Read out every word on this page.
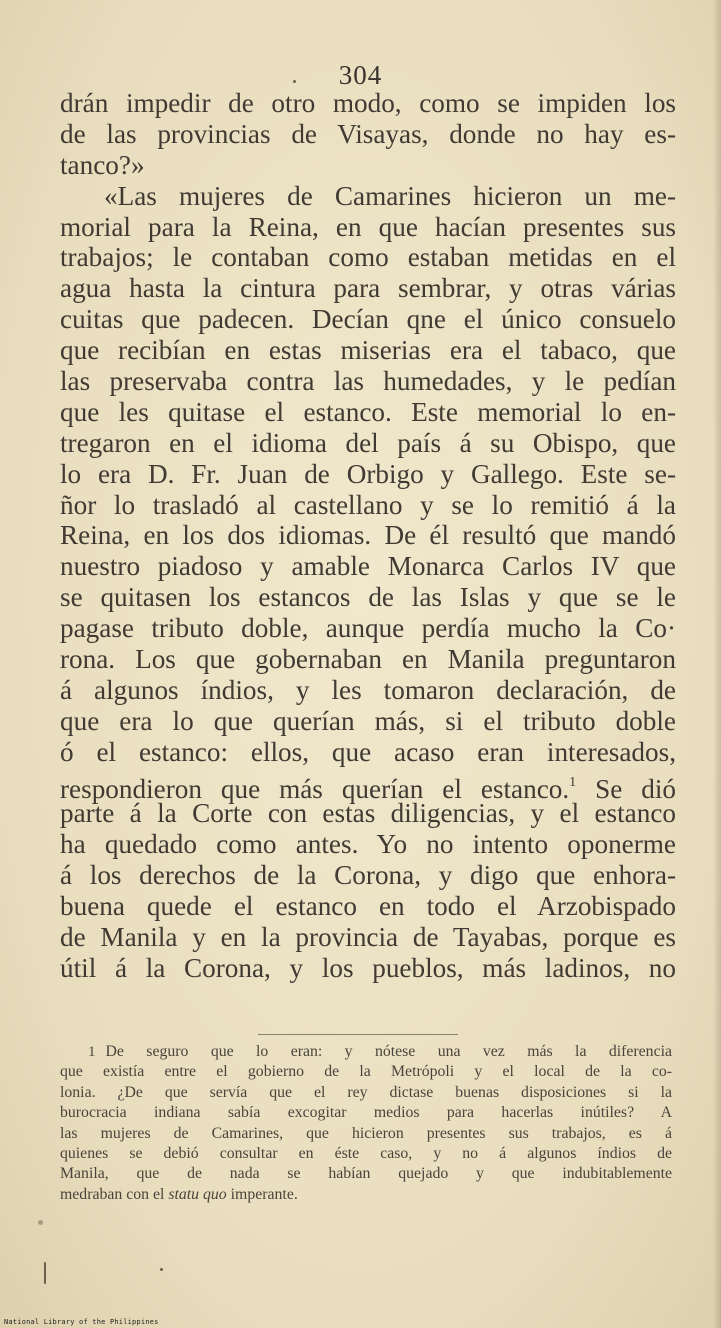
304
drán impedir de otro modo, como se impiden los
de las provincias de Visayas, donde no hay es-
tanco?»
«Las mujeres de Camarines hicieron un me-
morial para la Reina, en que hacían presentes sus
trabajos; le contaban como estaban metidas en el
agua hasta la cintura para sembrar, y otras várias
cuitas que padecen. Decían qne el único consuelo
que recibían en estas miserias era el tabaco, que
las preservaba contra las humedades, y le pedían
que les quitase el estanco. Este memorial lo en-
tregaron en el idioma del país á su Obispo, que
lo era D. Fr. Juan de Orbigo y Gallego. Este se-
ñor lo trasladó al castellano y se lo remitió á la
Reina, en los dos idiomas. De él resultó que mandó
nuestro piadoso y amable Monarca Carlos IV que
se quitasen los estancos de las Islas y que se le
pagase tributo doble, aunque perdía mucho la Co·
rona. Los que gobernaban en Manila preguntaron
á algunos índios, y les tomaron declaración, de
que era lo que querían más, si el tributo doble
ó el estanco: ellos, que acaso eran interesados,
respondieron que más querían el estanco.$^1$ Se dió
parte á la Corte con estas diligencias, y el estanco
ha quedado como antes. Yo no intento oponerme
á los derechos de la Corona, y digo que enhora-
buena quede el estanco en todo el Arzobispado
de Manila y en la provincia de Tayabas, porque es
útil á la Corona, y los pueblos, más ladinos, no
1 De seguro que lo eran: y nótese una vez más la diferencia
que existía entre el gobierno de la Metrópoli y el local de la co-
lonia. ¿De que servía que el rey dictase buenas disposiciones si la
burocracia indiana sabía excogitar medios para hacerlas inútiles? A
las mujeres de Camarines, que hicieron presentes sus trabajos, es á
quienes se debió consultar en éste caso, y no á algunos índios de
Manila, que de nada se habían quejado y que indubitablemente
medraban con el statu quo imperante.
National Library of the Philippines
